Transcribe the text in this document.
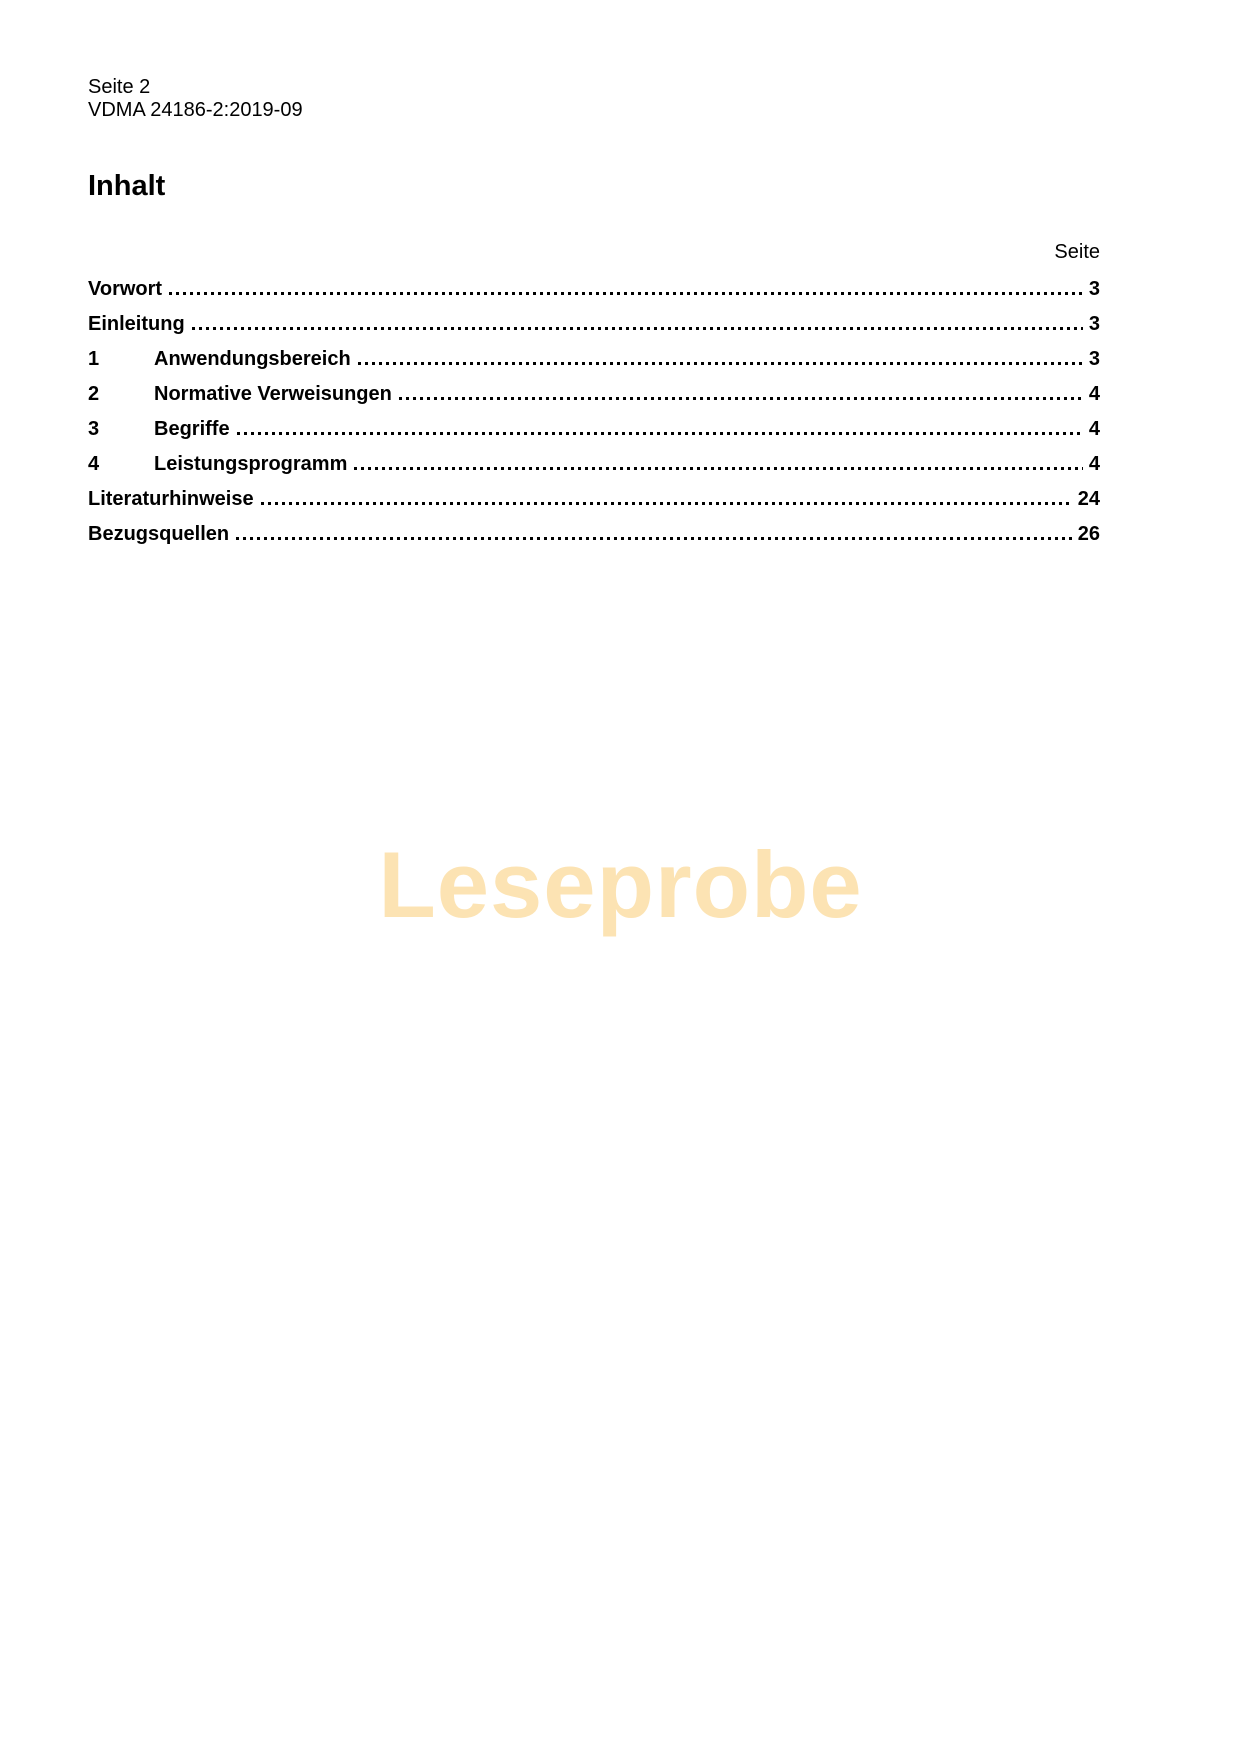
Seite 2
VDMA 24186-2:2019-09
Inhalt
Seite
Vorwort	3
Einleitung	3
1	Anwendungsbereich	3
2	Normative Verweisungen	4
3	Begriffe	4
4	Leistungsprogramm	4
Literaturhinweise	24
Bezugsquellen	26
Leseprobe
